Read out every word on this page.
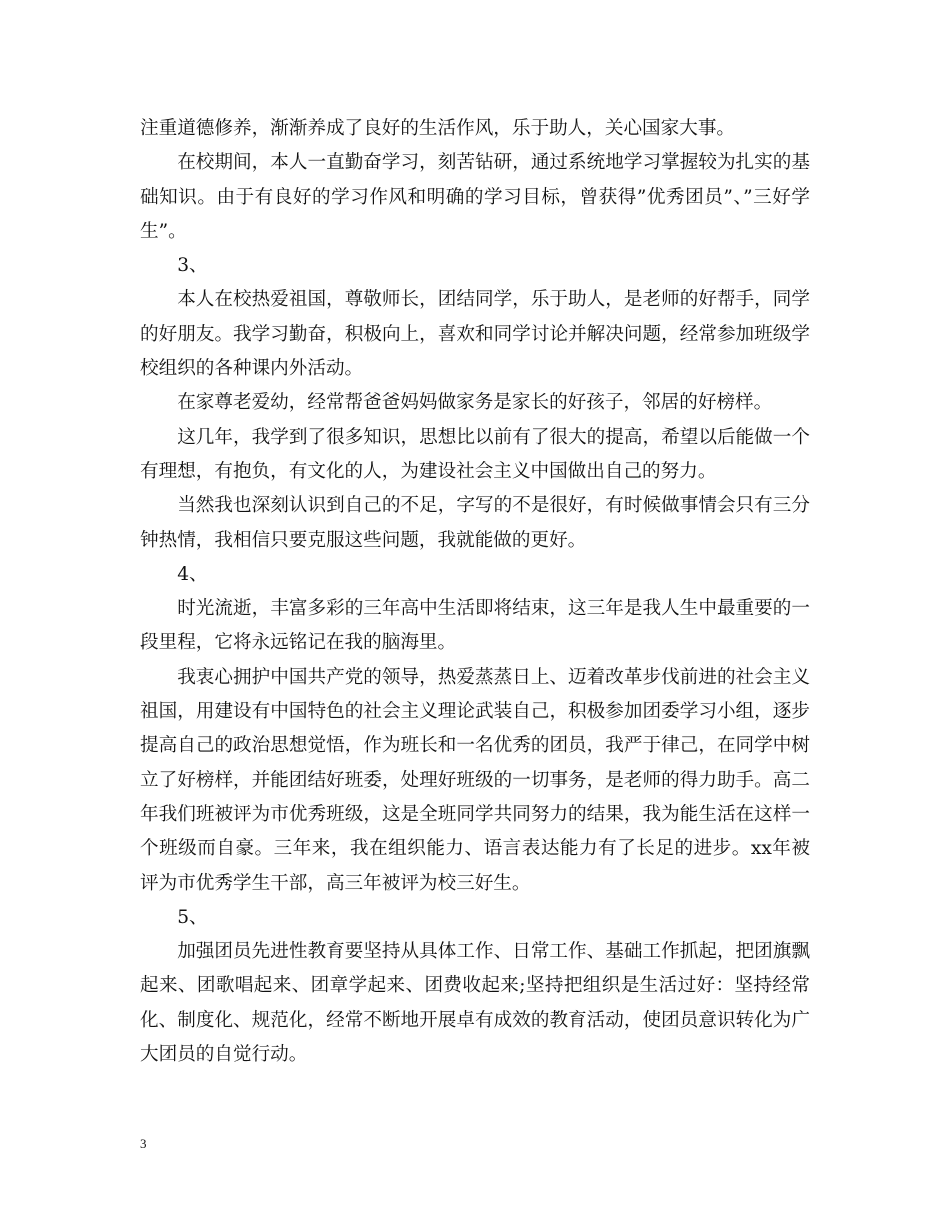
注重道德修养，渐渐养成了良好的生活作风，乐于助人，关心国家大事。

在校期间，本人一直勤奋学习，刻苦钻研，通过系统地学习掌握较为扎实的基础知识。由于有良好的学习作风和明确的学习目标，曾获得”优秀团员”、”三好学生”。

3、

本人在校热爱祖国，尊敬师长，团结同学，乐于助人，是老师的好帮手，同学的好朋友。我学习勤奋，积极向上，喜欢和同学讨论并解决问题，经常参加班级学校组织的各种课内外活动。

在家尊老爱幼，经常帮爸爸妈妈做家务是家长的好孩子，邻居的好榜样。

这几年，我学到了很多知识，思想比以前有了很大的提高，希望以后能做一个有理想，有抱负，有文化的人，为建设社会主义中国做出自己的努力。

当然我也深刻认识到自己的不足，字写的不是很好，有时候做事情会只有三分钟热情，我相信只要克服这些问题，我就能做的更好。

4、

时光流逝，丰富多彩的三年高中生活即将结束，这三年是我人生中最重要的一段里程，它将永远铭记在我的脑海里。

我衷心拥护中国共产党的领导，热爱蒸蒸日上、迈着改革步伐前进的社会主义祖国，用建设有中国特色的社会主义理论武装自己，积极参加团委学习小组，逐步提高自己的政治思想觉悟，作为班长和一名优秀的团员，我严于律己，在同学中树立了好榜样，并能团结好班委，处理好班级的一切事务，是老师的得力助手。高二年我们班被评为市优秀班级，这是全班同学共同努力的结果，我为能生活在这样一个班级而自豪。三年来，我在组织能力、语言表达能力有了长足的进步。xx年被评为市优秀学生干部，高三年被评为校三好生。

5、

加强团员先进性教育要坚持从具体工作、日常工作、基础工作抓起，把团旗飘起来、团歌唱起来、团章学起来、团费收起来;坚持把组织是生活过好：坚持经常化、制度化、规范化，经常不断地开展卓有成效的教育活动，使团员意识转化为广大团员的自觉行动。

3
